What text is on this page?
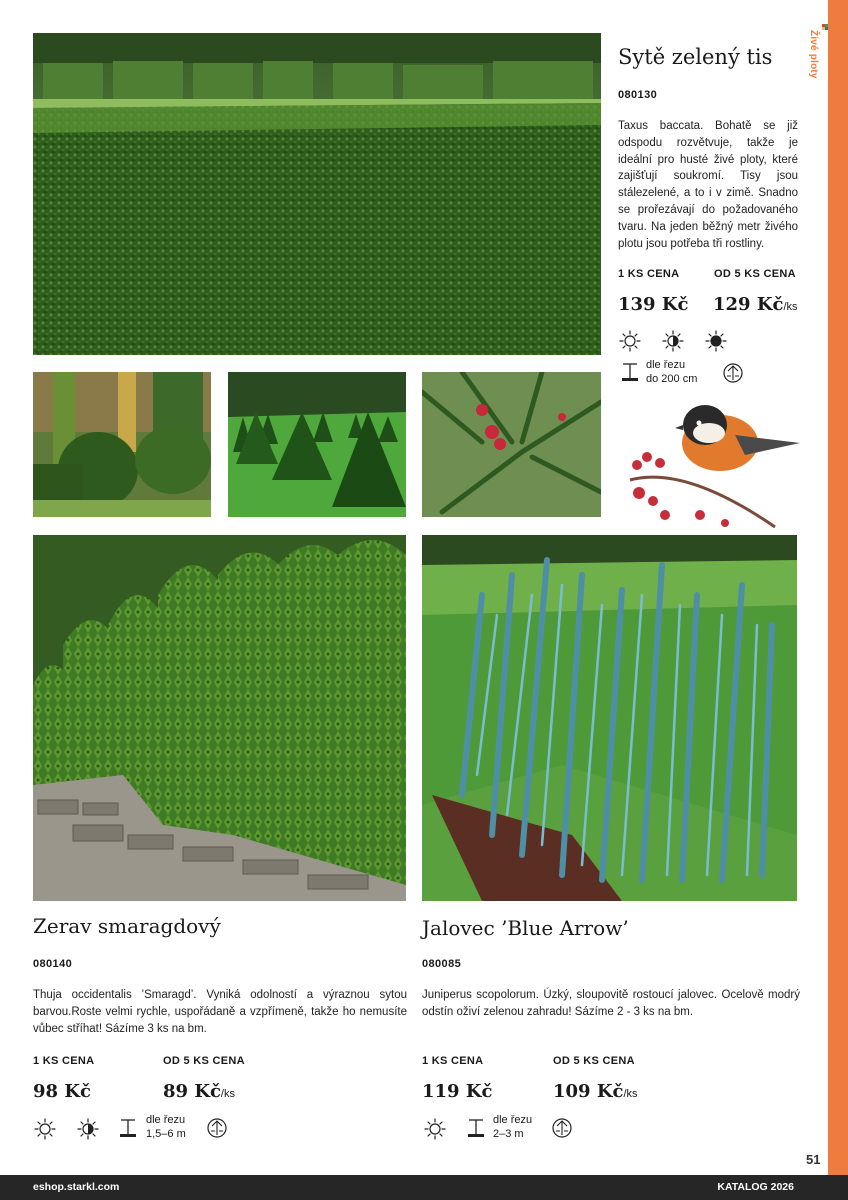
Živé ploty
Sytě zelený tis
080130
Taxus baccata. Bohatě se již odspodu rozvětvuje, takže je ideální pro husté živé ploty, které zajišťují soukromí. Tisy jsou stálezelené, a to i v zimě. Snadno se prořezávají do požadovaného tvaru. Na jeden běžný metr živého plotu jsou potřeba tři rostliny.
1 KS CENA	OD 5 KS CENA
139 Kč 129 Kč/ks
dle řezu
do 200 cm
Zerav smaragdový
080140
Thuja occidentalis ’Smaragd’. Vyniká odolností a výraznou sytou barvou.Roste velmi rychle, uspořádaně a vzpřímeně, takže ho nemusíte vůbec stříhat! Sázíme 3 ks na bm.
1 KS CENA	OD 5 KS CENA
98 Kč	89 Kč/ks
dle řezu
1,5–6 m
Jalovec ’Blue Arrow’
080085
Juniperus scopolorum. Úzký, sloupovitě rostoucí jalovec. Ocelově modrý odstín oživí zelenou zahradu! Sázíme 2 - 3 ks na bm.
1 KS CENA	OD 5 KS CENA
119 Kč	109 Kč/ks
dle řezu
2–3 m
51
eshop.starkl.com	KATALOG 2026
